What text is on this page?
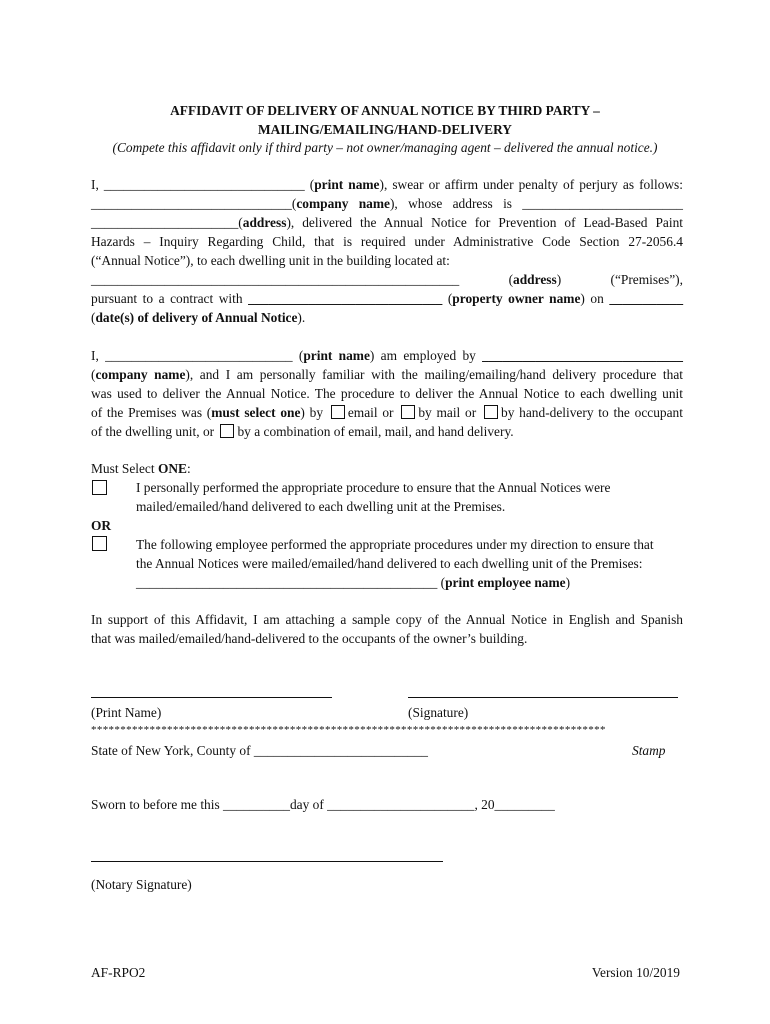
AFFIDAVIT OF DELIVERY OF ANNUAL NOTICE BY THIRD PARTY –
MAILING/EMAILING/HAND-DELIVERY
(Compete this affidavit only if third party – not owner/managing agent – delivered the annual notice.)
I, ______________________________ (print name), swear or affirm under penalty of perjury as follows:
______________________________(company name), whose address is ________________________
______________________(address), delivered the Annual Notice for Prevention of Lead-Based Paint
Hazards – Inquiry Regarding Child, that is required under Administrative Code Section 27-2056.4
(“Annual Notice”), to each dwelling unit in the building located at:
_______________________________________________________ (address) (“Premises”),
pursuant to a contract with _____________________________ (property owner name) on ___________
(date(s) of delivery of Annual Notice).
I, ____________________________ (print name) am employed by ______________________________
(company name), and I am personally familiar with the mailing/emailing/hand delivery procedure that
was used to deliver the Annual Notice. The procedure to deliver the Annual Notice to each dwelling unit
of the Premises was (must select one) by email or by mail or by hand-delivery to the occupant
of the dwelling unit, or by a combination of email, mail, and hand delivery.
Must Select ONE:
I personally performed the appropriate procedure to ensure that the Annual Notices were
mailed/emailed/hand delivered to each dwelling unit at the Premises.
OR
The following employee performed the appropriate procedures under my direction to ensure that
the Annual Notices were mailed/emailed/hand delivered to each dwelling unit of the Premises:
_____________________________________________ (print employee name)
In support of this Affidavit, I am attaching a sample copy of the Annual Notice in English and Spanish
that was mailed/emailed/hand-delivered to the occupants of the owner’s building.
(Print Name)	(Signature)
****************************************************************************************
State of New York, County of __________________________	Stamp
Sworn to before me this __________day of ______________________, 20_________
(Notary Signature)
AF-RPO2	Version 10/2019
